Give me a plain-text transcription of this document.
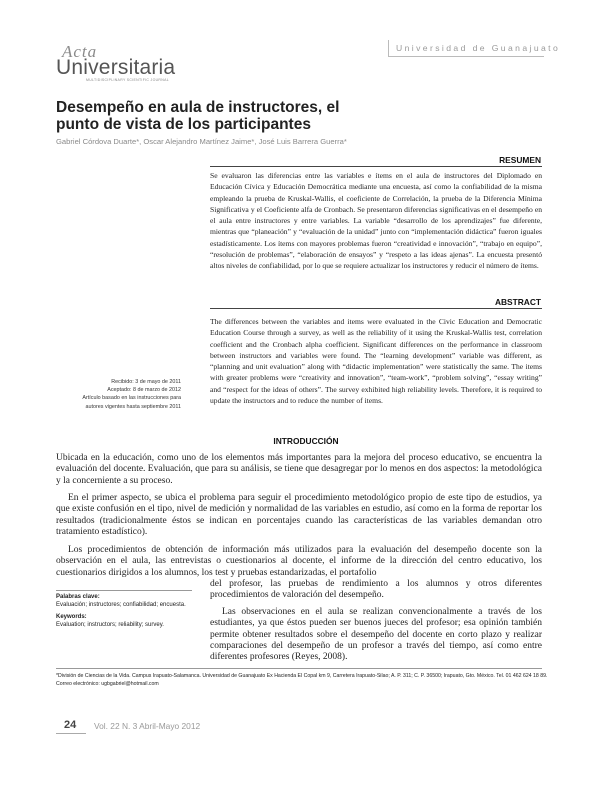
Acta
Universitaria
MULTIDISCIPLINARY SCIENTIFIC JOURNAL
Universidad de Guanajuato
Desempeño en aula de instructores, el punto de vista de los participantes
Gabriel Córdova Duarte*, Oscar Alejandro Martínez Jaime*, José Luis Barrera Guerra*
RESUMEN
Se evaluaron las diferencias entre las variables e ítems en el aula de instructores del Diplomado en Educación Cívica y Educación Democrática mediante una encuesta, así como la confiabilidad de la misma empleando la prueba de Kruskal-Wallis, el coeficiente de Correlación, la prueba de la Diferencia Mínima Significativa y el Coeficiente alfa de Cronbach. Se presentaron diferencias significativas en el desempeño en el aula entre instructores y entre variables. La variable “desarrollo de los aprendizajes” fue diferente, mientras que “planeación” y “evaluación de la unidad” junto con “implementación didáctica” fueron iguales estadísticamente. Los ítems con mayores problemas fueron “creatividad e innovación”, “trabajo en equipo”, “resolución de problemas”, “elaboración de ensayos” y “respeto a las ideas ajenas”. La encuesta presentó altos niveles de confiabilidad, por lo que se requiere actualizar los instructores y reducir el número de ítems.
ABSTRACT
The differences between the variables and items were evaluated in the Civic Education and Democratic Education Course through a survey, as well as the reliability of it using the Kruskal-Wallis test, correlation coefficient and the Cronbach alpha coefficient. Significant differences on the performance in classroom between instructors and variables were found. The “learning development” variable was different, as “planning and unit evaluation” along with “didactic implementation” were statistically the same. The items with greater problems were “creativity and innovation”, “team-work”, “problem solving”, “essay writing” and “respect for the ideas of others”. The survey exhibited high reliability levels. Therefore, it is required to update the instructors and to reduce the number of items.
Recibido: 3 de mayo de 2011
Aceptado: 8 de marzo de 2012
Artículo basado en las instrucciones para
autores vigentes hasta septiembre 2011
INTRODUCCIÓN
Ubicada en la educación, como uno de los elementos más importantes para la mejora del proceso educativo, se encuentra la evaluación del docente. Evaluación, que para su análisis, se tiene que desagregar por lo menos en dos aspectos: la metodológica y la concerniente a su proceso.
En el primer aspecto, se ubica el problema para seguir el procedimiento metodológico propio de este tipo de estudios, ya que existe confusión en el tipo, nivel de medición y normalidad de las variables en estudio, así como en la forma de reportar los resultados (tradicionalmente éstos se indican en porcentajes cuando las características de las variables demandan otro tratamiento estadístico).
Los procedimientos de obtención de información más utilizados para la evaluación del desempeño docente son la observación en el aula, las entrevistas o cuestionarios al docente, el informe de la dirección del centro educativo, los cuestionarios dirigidos a los alumnos, los test y pruebas estandarizadas, el portafolio
del profesor, las pruebas de rendimiento a los alumnos y otros diferentes procedimientos de valoración del desempeño.
Las observaciones en el aula se realizan convencionalmente a través de los estudiantes, ya que éstos pueden ser buenos jueces del profesor; esa opinión también permite obtener resultados sobre el desempeño del docente en corto plazo y realizar comparaciones del desempeño de un profesor a través del tiempo, así como entre diferentes profesores (Reyes, 2008).
Palabras clave:
Evaluación; instructores; confiabilidad; encuesta.
Keywords:
Evaluation; instructors; reliability; survey.
*División de Ciencias de la Vida. Campus Irapuato-Salamanca. Universidad de Guanajuato Ex Hacienda El Copal km 9, Carretera Irapuato-Silao; A. P. 311; C. P. 36500; Irapuato, Gto. México. Tel. 01 462 624 18 89. Correo electrónico: ugbgabriel@hotmail.com
24 Vol. 22 N. 3 Abril-Mayo 2012
